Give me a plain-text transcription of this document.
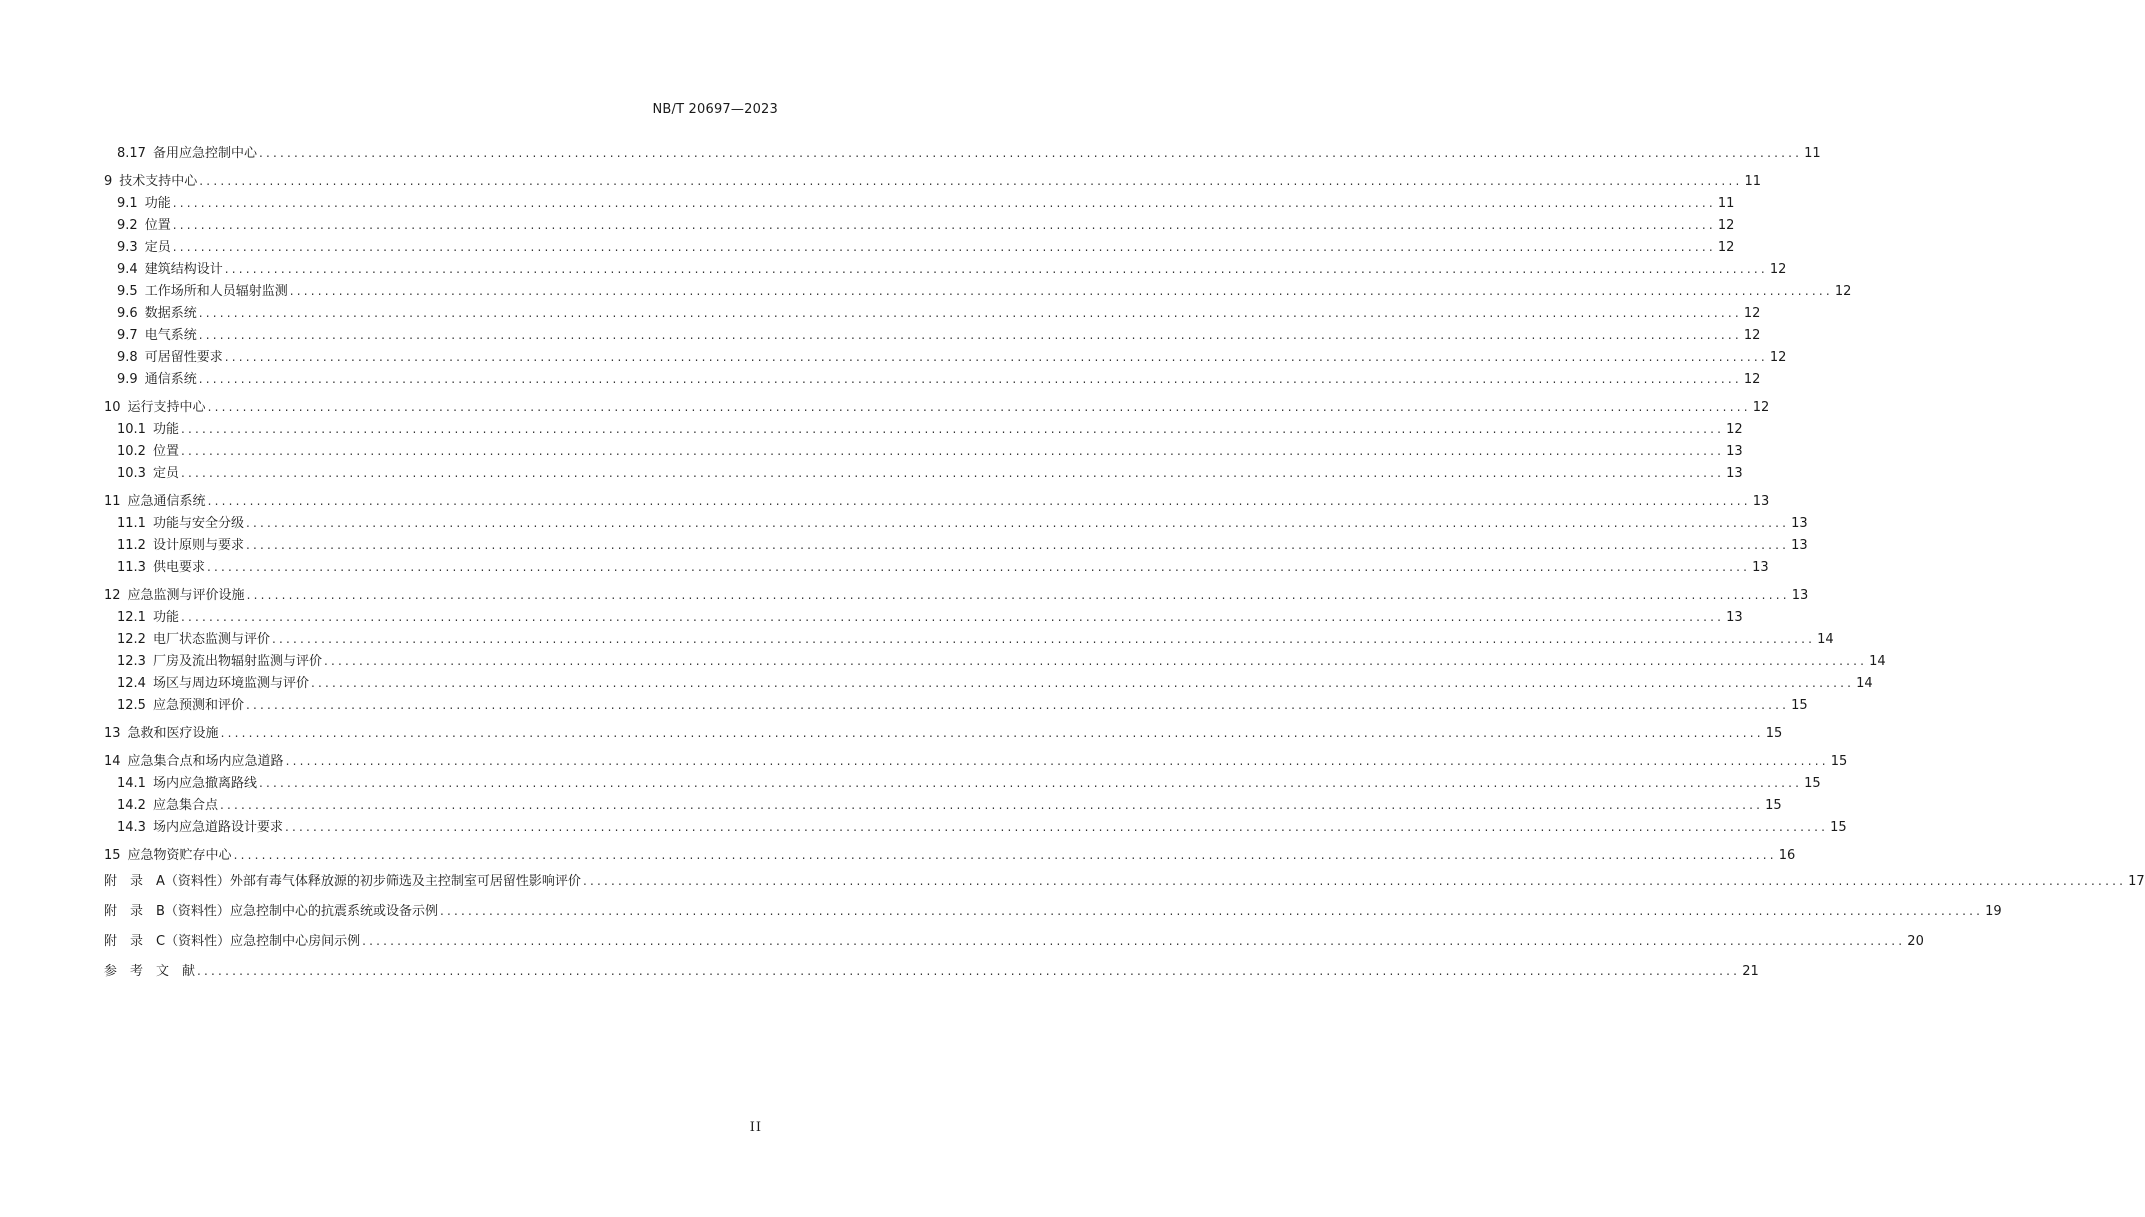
NB/T 20697—2023
8.17 备用应急控制中心 ............................................................................................................................................................................................................................ 11
9 技术支持中心 ............................................................................................................................................................................................................................ 11
9.1 功能 ............................................................................................................................................................................................................................ 11
9.2 位置 ............................................................................................................................................................................................................................ 12
9.3 定员 ............................................................................................................................................................................................................................ 12
9.4 建筑结构设计 ............................................................................................................................................................................................................................ 12
9.5 工作场所和人员辐射监测 ............................................................................................................................................................................................................................ 12
9.6 数据系统 ............................................................................................................................................................................................................................ 12
9.7 电气系统 ............................................................................................................................................................................................................................ 12
9.8 可居留性要求 ............................................................................................................................................................................................................................ 12
9.9 通信系统 ............................................................................................................................................................................................................................ 12
10 运行支持中心 ............................................................................................................................................................................................................................ 12
10.1 功能 ............................................................................................................................................................................................................................ 12
10.2 位置 ............................................................................................................................................................................................................................ 13
10.3 定员 ............................................................................................................................................................................................................................ 13
11 应急通信系统 ............................................................................................................................................................................................................................ 13
11.1 功能与安全分级 ............................................................................................................................................................................................................................ 13
11.2 设计原则与要求 ............................................................................................................................................................................................................................ 13
11.3 供电要求 ............................................................................................................................................................................................................................ 13
12 应急监测与评价设施 ............................................................................................................................................................................................................................ 13
12.1 功能 ............................................................................................................................................................................................................................ 13
12.2 电厂状态监测与评价 ............................................................................................................................................................................................................................ 14
12.3 厂房及流出物辐射监测与评价 ............................................................................................................................................................................................................................ 14
12.4 场区与周边环境监测与评价 ............................................................................................................................................................................................................................ 14
12.5 应急预测和评价 ............................................................................................................................................................................................................................ 15
13 急救和医疗设施 ............................................................................................................................................................................................................................ 15
14 应急集合点和场内应急道路 ............................................................................................................................................................................................................................ 15
14.1 场内应急撤离路线 ............................................................................................................................................................................................................................ 15
14.2 应急集合点 ............................................................................................................................................................................................................................ 15
14.3 场内应急道路设计要求 ............................................................................................................................................................................................................................ 15
15 应急物资贮存中心 ............................................................................................................................................................................................................................ 16
附　录　A （资料性） 外部有毒气体释放源的初步筛选及主控制室可居留性影响评价 ............................................................................................................................................................................................................................ 17
附　录　B （资料性） 应急控制中心的抗震系统或设备示例 ............................................................................................................................................................................................................................ 19
附　录　C （资料性） 应急控制中心房间示例 ............................................................................................................................................................................................................................ 20
参　考　文　献 ............................................................................................................................................................................................................................ 21
II
